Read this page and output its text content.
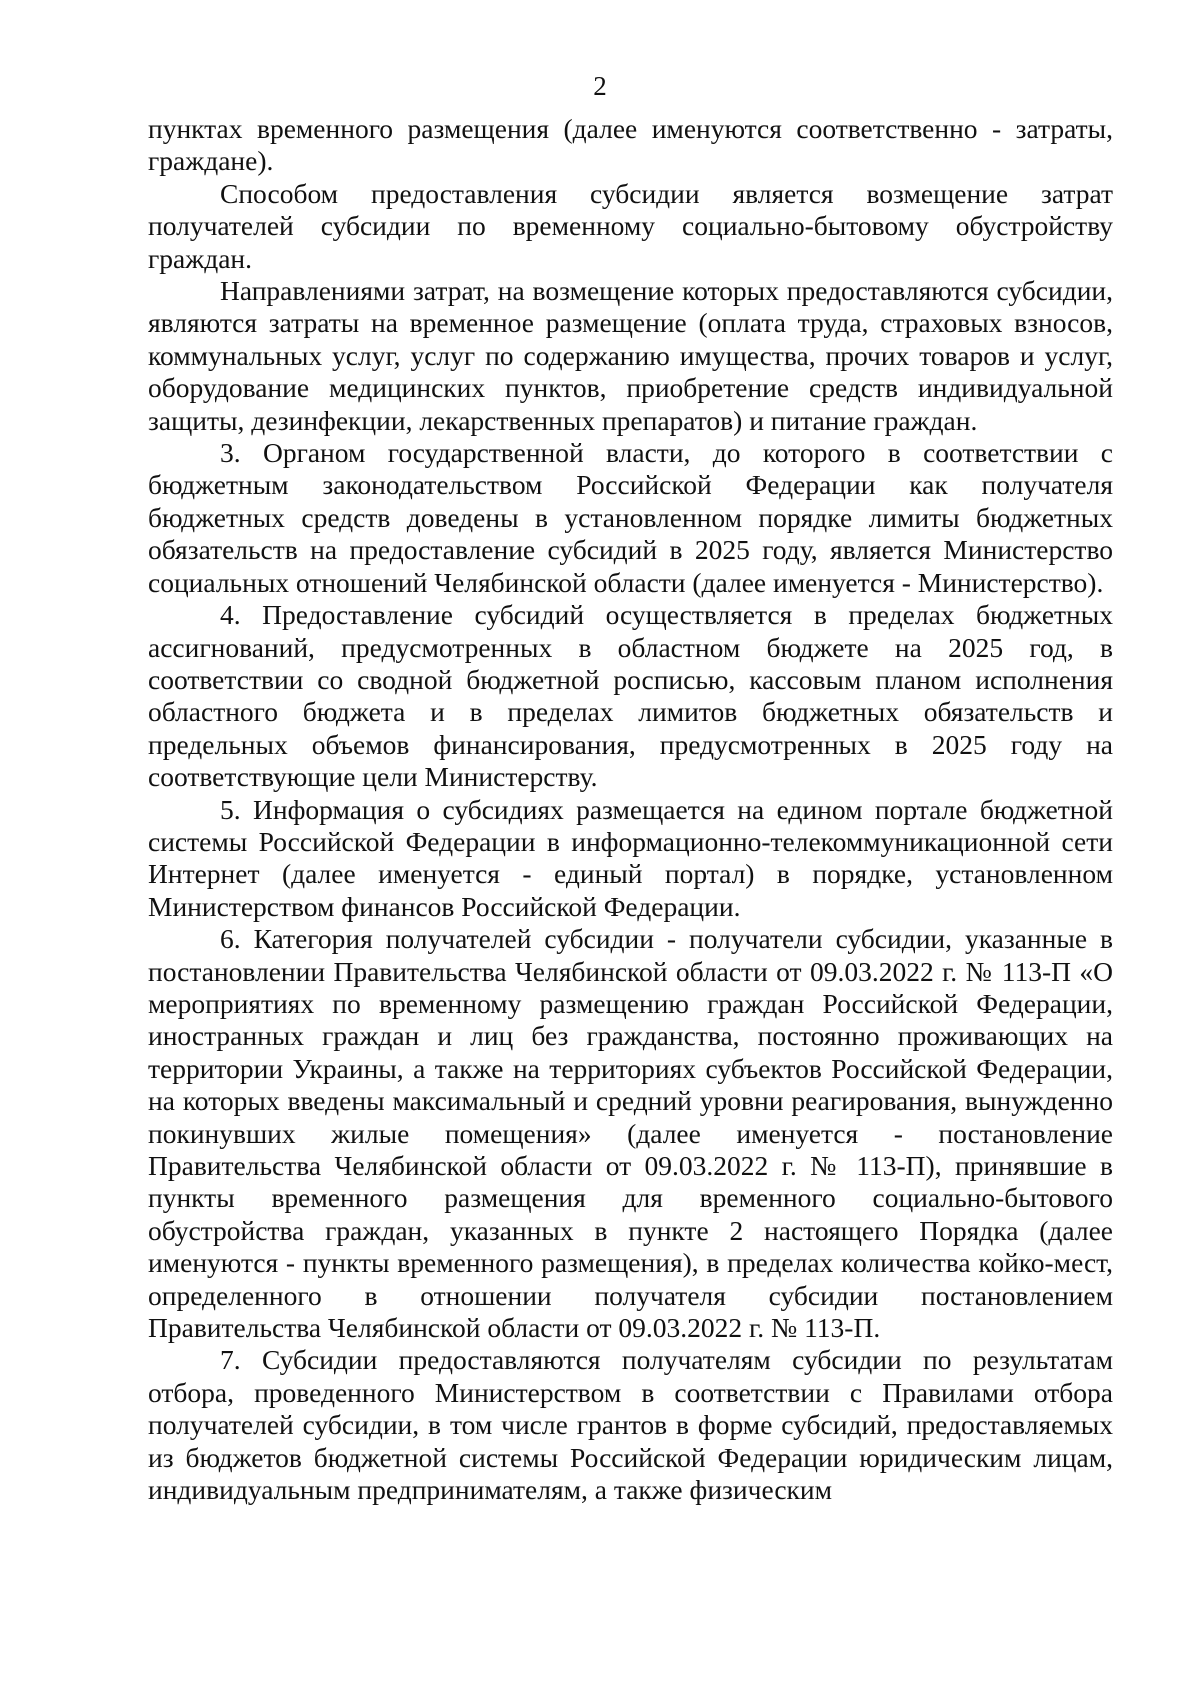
2

пунктах временного размещения (далее именуются соответственно - затраты, граждане).

Способом предоставления субсидии является возмещение затрат получателей субсидии по временному социально-бытовому обустройству граждан.

Направлениями затрат, на возмещение которых предоставляются субсидии, являются затраты на временное размещение (оплата труда, страховых взносов, коммунальных услуг, услуг по содержанию имущества, прочих товаров и услуг, оборудование медицинских пунктов, приобретение средств индивидуальной защиты, дезинфекции, лекарственных препаратов) и питание граждан.

3. Органом государственной власти, до которого в соответствии с бюджетным законодательством Российской Федерации как получателя бюджетных средств доведены в установленном порядке лимиты бюджетных обязательств на предоставление субсидий в 2025 году, является Министерство социальных отношений Челябинской области (далее именуется - Министерство).

4. Предоставление субсидий осуществляется в пределах бюджетных ассигнований, предусмотренных в областном бюджете на 2025 год, в соответствии со сводной бюджетной росписью, кассовым планом исполнения областного бюджета и в пределах лимитов бюджетных обязательств и предельных объемов финансирования, предусмотренных в 2025 году на соответствующие цели Министерству.

5. Информация о субсидиях размещается на едином портале бюджетной системы Российской Федерации в информационно-телекоммуникационной сети Интернет (далее именуется - единый портал) в порядке, установленном Министерством финансов Российской Федерации.

6. Категория получателей субсидии - получатели субсидии, указанные в постановлении Правительства Челябинской области от 09.03.2022 г. № 113-П «О мероприятиях по временному размещению граждан Российской Федерации, иностранных граждан и лиц без гражданства, постоянно проживающих на территории Украины, а также на территориях субъектов Российской Федерации, на которых введены максимальный и средний уровни реагирования, вынужденно покинувших жилые помещения» (далее именуется - постановление Правительства Челябинской области от 09.03.2022 г. № 113-П), принявшие в пункты временного размещения для временного социально-бытового обустройства граждан, указанных в пункте 2 настоящего Порядка (далее именуются - пункты временного размещения), в пределах количества койко-мест, определенного в отношении получателя субсидии постановлением Правительства Челябинской области от 09.03.2022 г. № 113-П.

7. Субсидии предоставляются получателям субсидии по результатам отбора, проведенного Министерством в соответствии с Правилами отбора получателей субсидии, в том числе грантов в форме субсидий, предоставляемых из бюджетов бюджетной системы Российской Федерации юридическим лицам, индивидуальным предпринимателям, а также физическим
